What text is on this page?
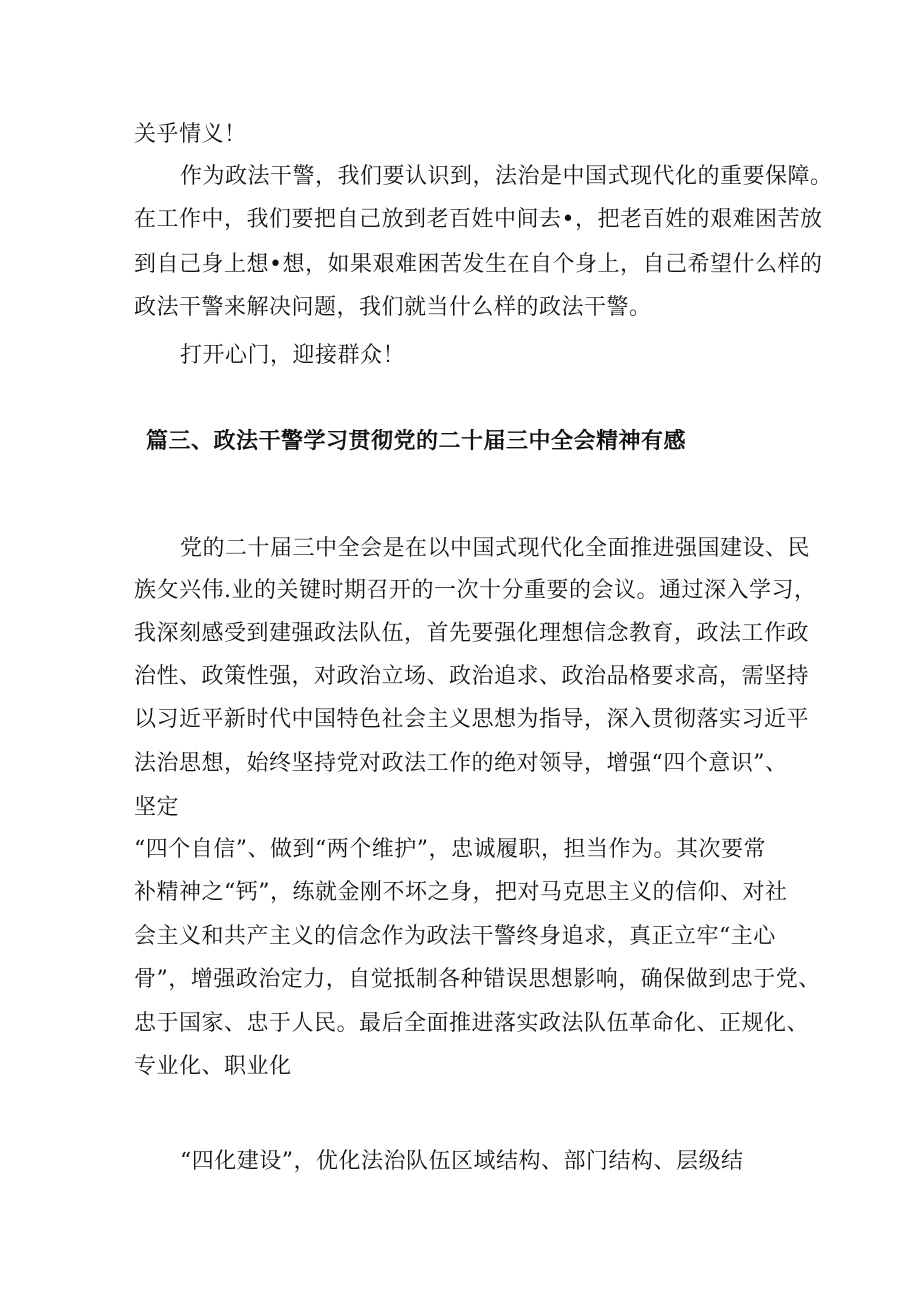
关乎情义！
作为政法干警，我们要认识到，法治是中国式现代化的重要保障。
在工作中，我们要把自己放到老百姓中间去•，把老百姓的艰难困苦放
到自己身上想•想，如果艰难困苦发生在自个身上，自己希望什么样的
政法干警来解决问题，我们就当什么样的政法干警。
打开心门，迎接群众！
篇三、政法干警学习贯彻党的二十届三中全会精神有感
党的二十届三中全会是在以中国式现代化全面推进强国建设、民
族攵兴伟.业的关键时期召开的一次十分重要的会议。通过深入学习，
我深刻感受到建强政法队伍，首先要强化理想信念教育，政法工作政
治性、政策性强，对政治立场、政治追求、政治品格要求高，需坚持
以习近平新时代中国特色社会主义思想为指导，深入贯彻落实习近平
法治思想，始终坚持党对政法工作的绝对领导，增强“四个意识”、
坚定
“四个自信”、做到“两个维护”，忠诚履职，担当作为。其次要常
补精神之“钙”，练就金刚不坏之身，把对马克思主义的信仰、对社
会主义和共产主义的信念作为政法干警终身追求，真正立牢“主心
骨”，增强政治定力，自觉抵制各种错误思想影响，确保做到忠于党、
忠于国家、忠于人民。最后全面推进落实政法队伍革命化、正规化、
专业化、职业化
“四化建设”，优化法治队伍区域结构、部门结构、层级结
